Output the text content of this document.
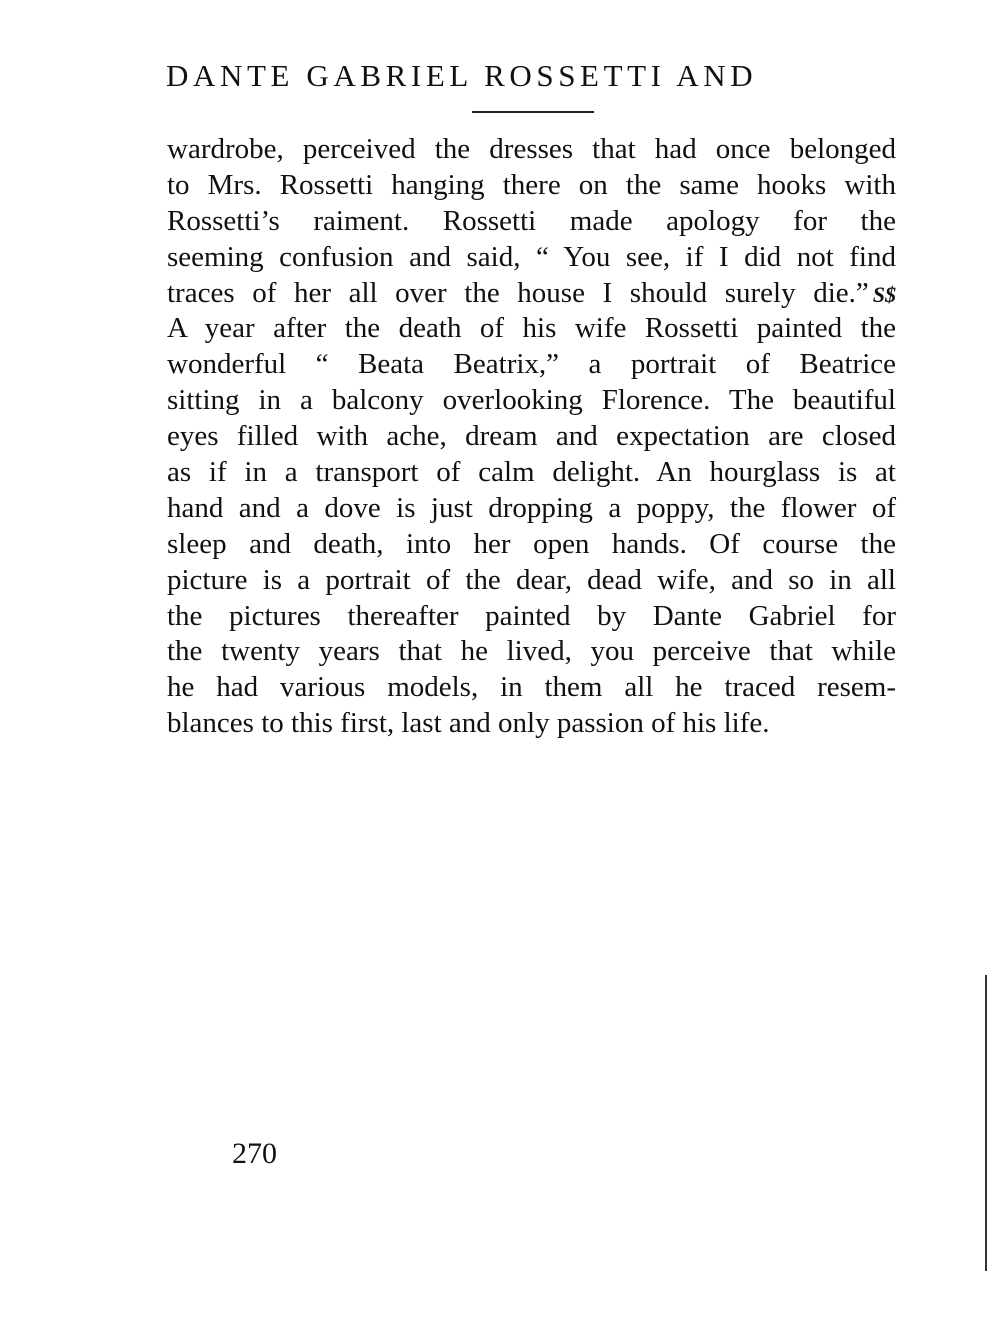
DANTE GABRIEL ROSSETTI AND
wardrobe, perceived the dresses that had once belonged
to Mrs. Rossetti hanging there on the same hooks with
Rossetti’s raiment. Rossetti made apology for the
seeming confusion and said, “ You see, if I did not find
traces of her all over the house I should surely die.” S$
A year after the death of his wife Rossetti painted the
wonderful “ Beata Beatrix,” a portrait of Beatrice
sitting in a balcony overlooking Florence. The beautiful
eyes filled with ache, dream and expectation are closed
as if in a transport of calm delight. An hourglass is at
hand and a dove is just dropping a poppy, the flower of
sleep and death, into her open hands. Of course the
picture is a portrait of the dear, dead wife, and so in all
the pictures thereafter painted by Dante Gabriel for
the twenty years that he lived, you perceive that while
he had various models, in them all he traced resem-
blances to this first, last and only passion of his life.
270
